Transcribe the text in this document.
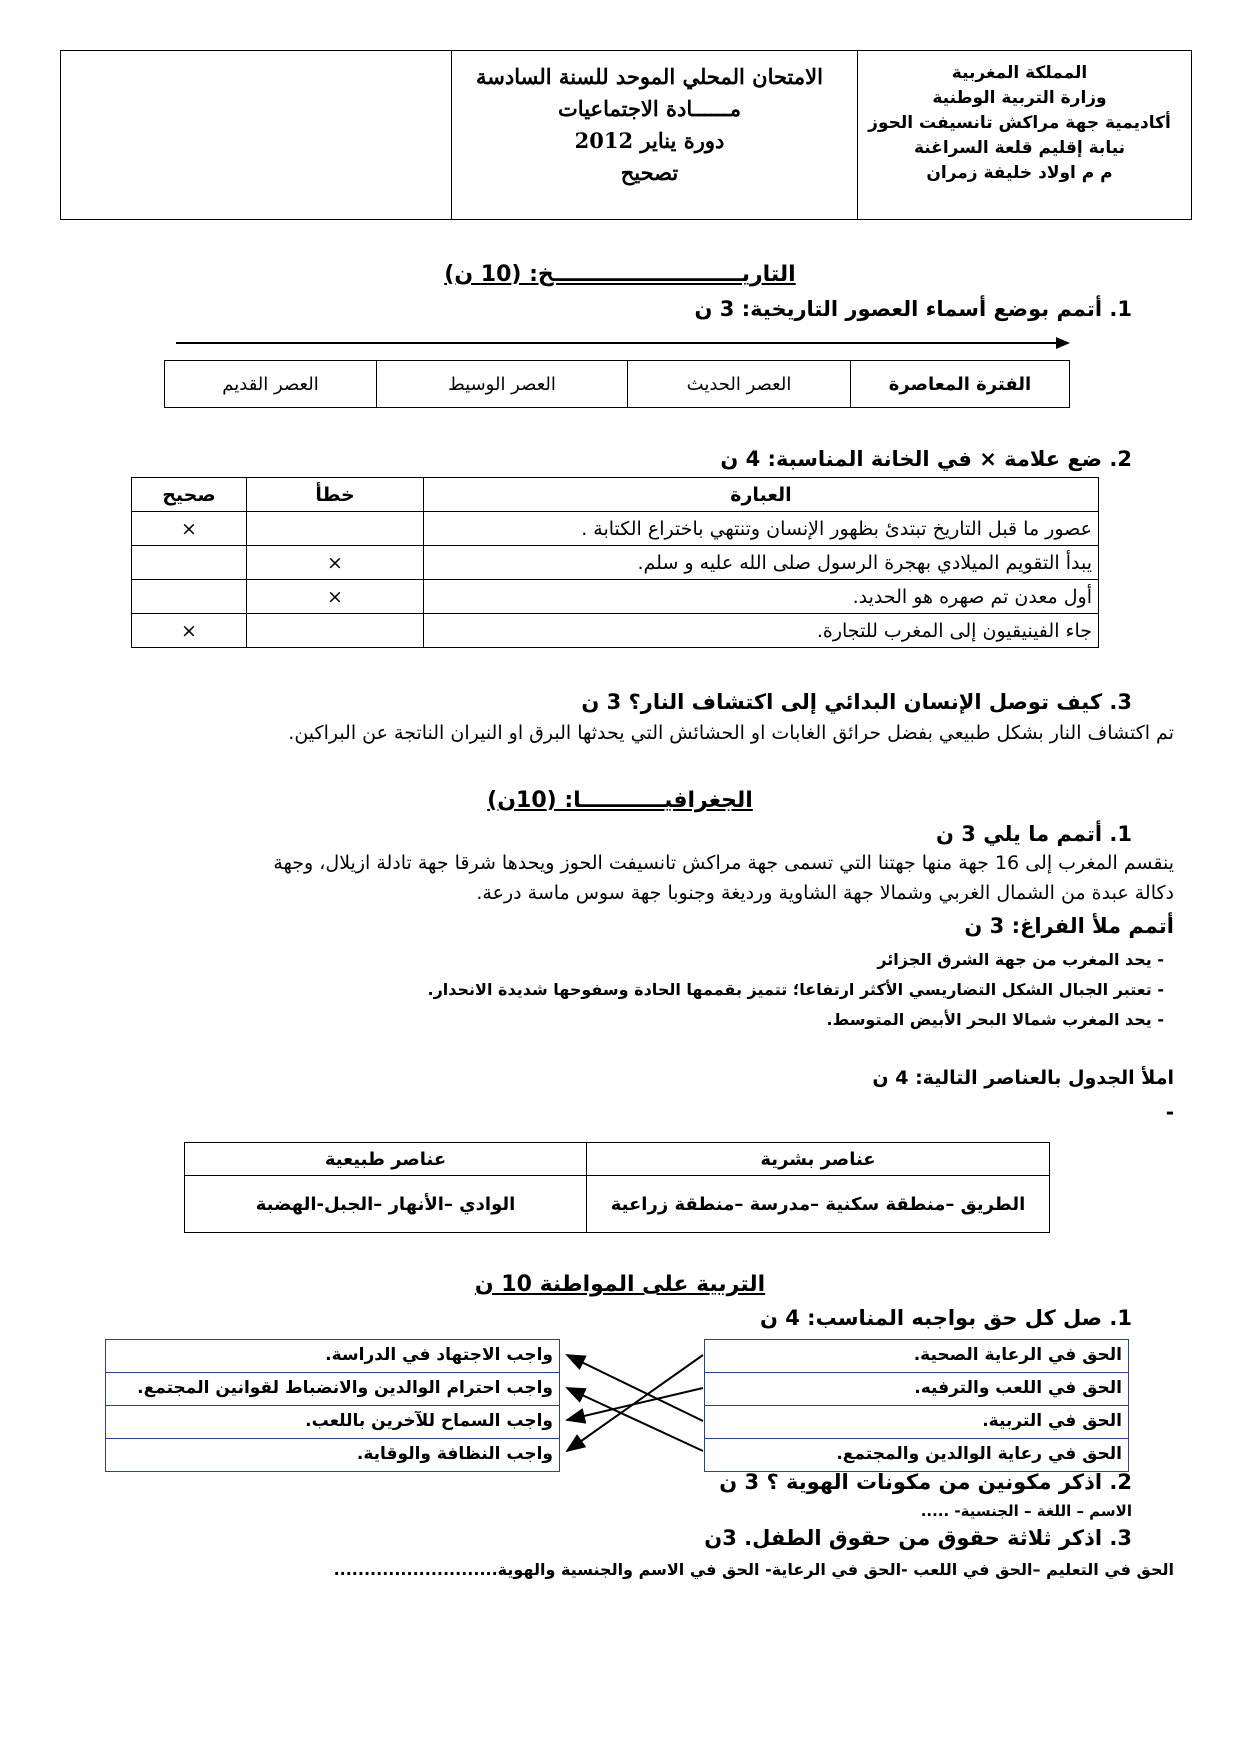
المملكة المغربية
وزارة التربية الوطنية
أكاديمية جهة مراكش تانسيفت الحوز
نيابة إقليم قلعة السراغنة
م م اولاد خليفة زمران
الامتحان المحلي الموحد للسنة السادسة
مــــــادة الاجتماعيات
دورة يناير 2012
تصحيح
التاريـــــــــــــــــــــــــخ: (10 ن)
1. أتمم بوضع أسماء العصور التاريخية: 3 ن
الفترة المعاصرة	العصر الحديث	العصر الوسيط	العصر القديم
2. ضع علامة × في الخانة المناسبة: 4 ن
العبارة	خطأ	صحيح
عصور ما قبل التاريخ تبتدئ بظهور الإنسان وتنتهي باختراع الكتابة .		×
يبدأ التقويم الميلادي بهجرة الرسول صلى الله عليه و سلم.	×	
أول معدن تم صهره هو الحديد.	×	
جاء الفينيقيون إلى المغرب للتجارة.		×
3. كيف توصل الإنسان البدائي إلى اكتشاف النار؟ 3 ن
تم اكتشاف النار بشكل طبيعي بفضل حرائق الغابات او الحشائش التي يحدثها البرق او النيران الناتجة عن البراكين.
الجغرافيـــــــــــا: (10ن)
1. أتمم ما يلي 3 ن
ينقسم المغرب إلى 16 جهة منها جهتنا التي تسمى جهة مراكش تانسيفت الحوز ويحدها شرقا جهة تادلة ازيلال، وجهة
دكالة عبدة من الشمال الغربي وشمالا جهة الشاوية ورديغة وجنوبا جهة سوس ماسة درعة.
أتمم ملأ الفراغ: 3 ن
- يحد المغرب من جهة الشرق الجزائر
- تعتبر الجبال الشكل التضاريسي الأكثر ارتفاعا؛ تتميز بقممها الحادة وسفوحها شديدة الانحدار.
- يحد المغرب شمالا البحر الأبيض المتوسط.
املأ الجدول بالعناصر التالية: 4 ن
-
عناصر بشرية	عناصر طبيعية
الطريق –منطقة سكنية –مدرسة –منطقة زراعية	الوادي –الأنهار –الجبل-الهضبة
التربية على المواطنة 10 ن
1. صل كل حق بواجبه المناسب: 4 ن
الحق في الرعاية الصحية.
الحق في اللعب والترفيه.
الحق في التربية.
الحق في رعاية الوالدين والمجتمع.
واجب الاجتهاد في الدراسة.
واجب احترام الوالدين والانضباط لقوانين المجتمع.
واجب السماح للآخرين باللعب.
واجب النظافة والوقاية.
2. اذكر مكونين من مكونات الهوية ؟ 3 ن
الاسم – اللغة – الجنسية- .....
3. اذكر ثلاثة حقوق من حقوق الطفل. 3ن
الحق في التعليم –الحق في اللعب -الحق في الرعاية- الحق في الاسم والجنسية والهوية...........................
